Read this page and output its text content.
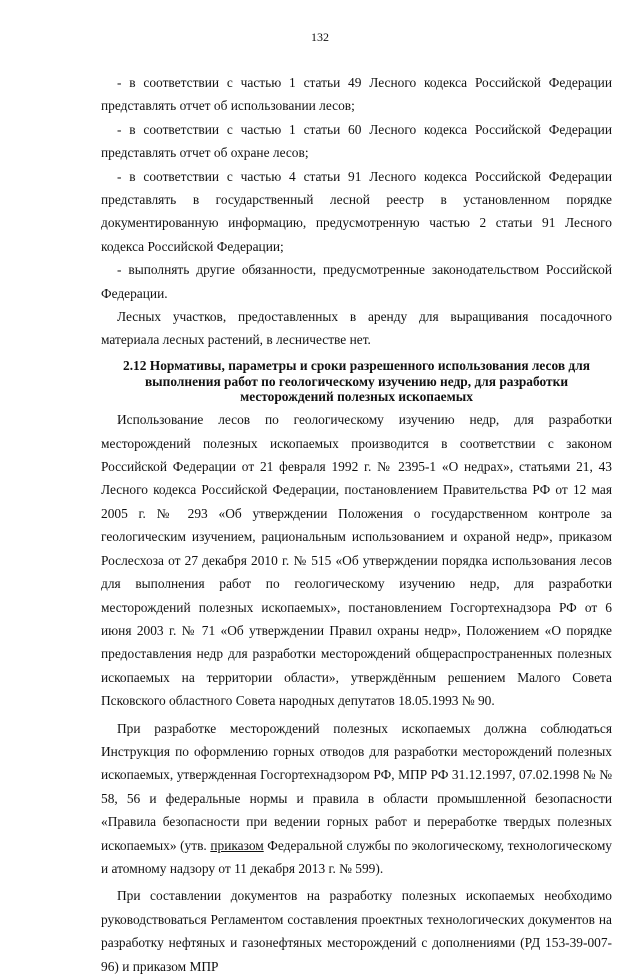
132

- в соответствии с частью 1 статьи 49 Лесного кодекса Российской Федерации представлять отчет об использовании лесов;

- в соответствии с частью 1 статьи 60 Лесного кодекса Российской Федерации представлять отчет об охране лесов;

- в соответствии с частью 4 статьи 91 Лесного кодекса Российской Федерации представлять в государственный лесной реестр в установленном порядке документированную информацию, предусмотренную частью 2 статьи 91 Лесного кодекса Российской Федерации;

- выполнять другие обязанности, предусмотренные законодательством Российской Федерации.

Лесных участков, предоставленных в аренду для выращивания посадочного материала лесных растений, в лесничестве нет.

2.12 Нормативы, параметры и сроки разрешенного использования лесов для выполнения работ по геологическому изучению недр, для разработки месторождений полезных ископаемых

Использование лесов по геологическому изучению недр, для разработки месторождений полезных ископаемых производится в соответствии с законом Российской Федерации от 21 февраля 1992 г. № 2395-1 «О недрах», статьями 21, 43 Лесного кодекса Российской Федерации, постановлением Правительства РФ от 12 мая 2005 г. № 293 «Об утверждении Положения о государственном контроле за геологическим изучением, рациональным использованием и охраной недр», приказом Рослесхоза от 27 декабря 2010 г. № 515 «Об утверждении порядка использования лесов для выполнения работ по геологическому изучению недр, для разработки месторождений полезных ископаемых», постановлением Госгортехнадзора РФ от 6 июня 2003 г. № 71 «Об утверждении Правил охраны недр», Положением «О порядке предоставления недр для разработки месторождений общераспространенных полезных ископаемых на территории области», утверждённым решением Малого Совета Псковского областного Совета народных депутатов 18.05.1993 № 90.

При разработке месторождений полезных ископаемых должна соблюдаться Инструкция по оформлению горных отводов для разработки месторождений полезных ископаемых, утвержденная Госгортехнадзором РФ, МПР РФ 31.12.1997, 07.02.1998 № № 58, 56 и федеральные нормы и правила в области промышленной безопасности «Правила безопасности при ведении горных работ и переработке твердых полезных ископаемых» (утв. приказом Федеральной службы по экологическому, технологическому и атомному надзору от 11 декабря 2013 г. № 599).

При составлении документов на разработку полезных ископаемых необходимо руководствоваться Регламентом составления проектных технологических документов на разработку нефтяных и газонефтяных месторождений с дополнениями (РД 153-39-007-96) и приказом МПР
